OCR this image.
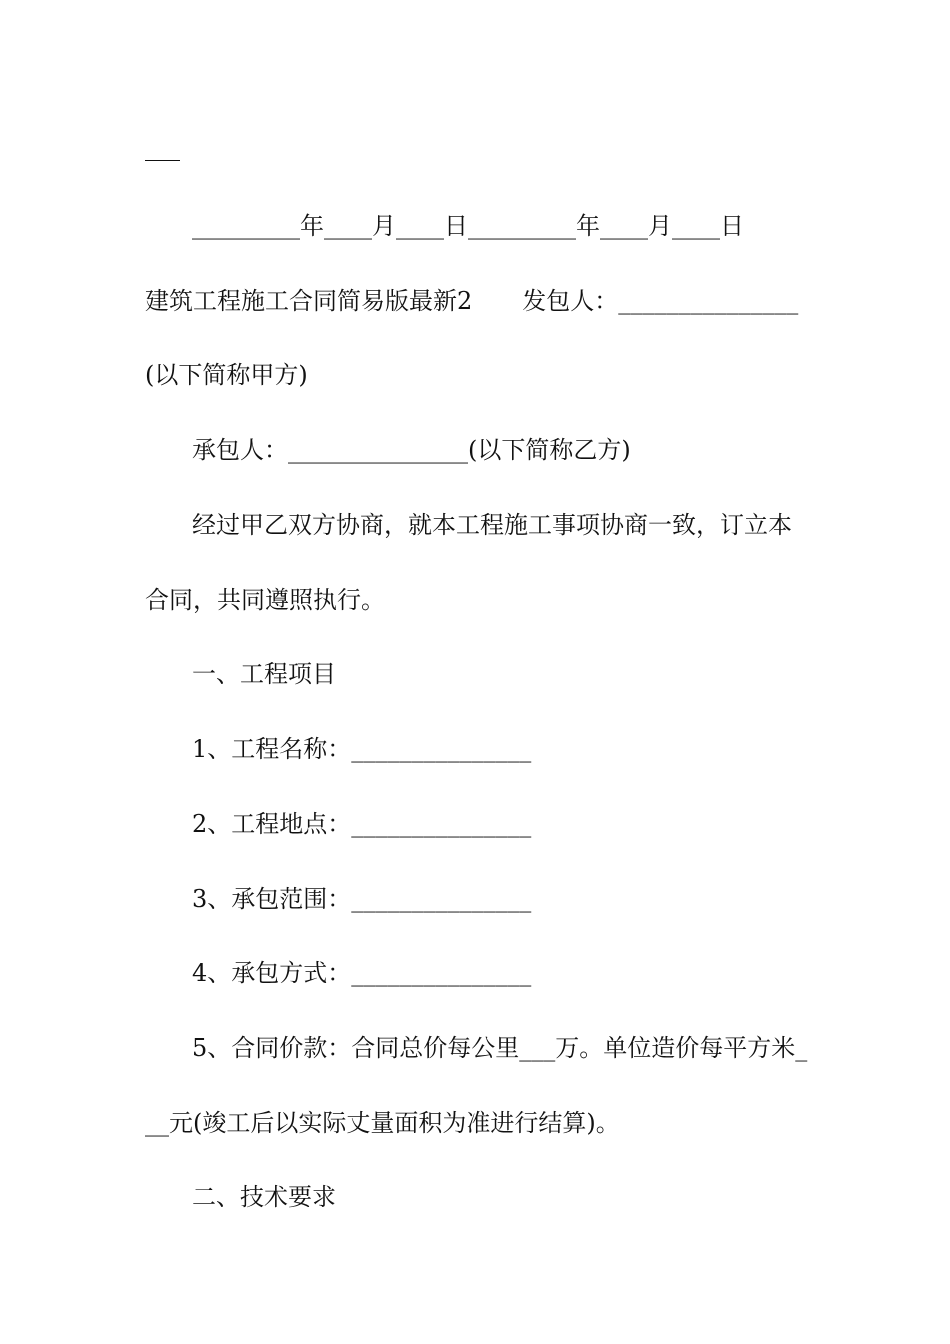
_________年____月____日_________年____月____日
建筑工程施工合同简易版最新2 发包人：_______________
(以下简称甲方)
承包人：_______________(以下简称乙方)
经过甲乙双方协商，就本工程施工事项协商一致，订立本
合同，共同遵照执行。
一、工程项目
1、工程名称：_______________
2、工程地点：_______________
3、承包范围：_______________
4、承包方式：_______________
5、合同价款：合同总价每公里___万。单位造价每平方米_
__元(竣工后以实际丈量面积为准进行结算)。
二、技术要求
